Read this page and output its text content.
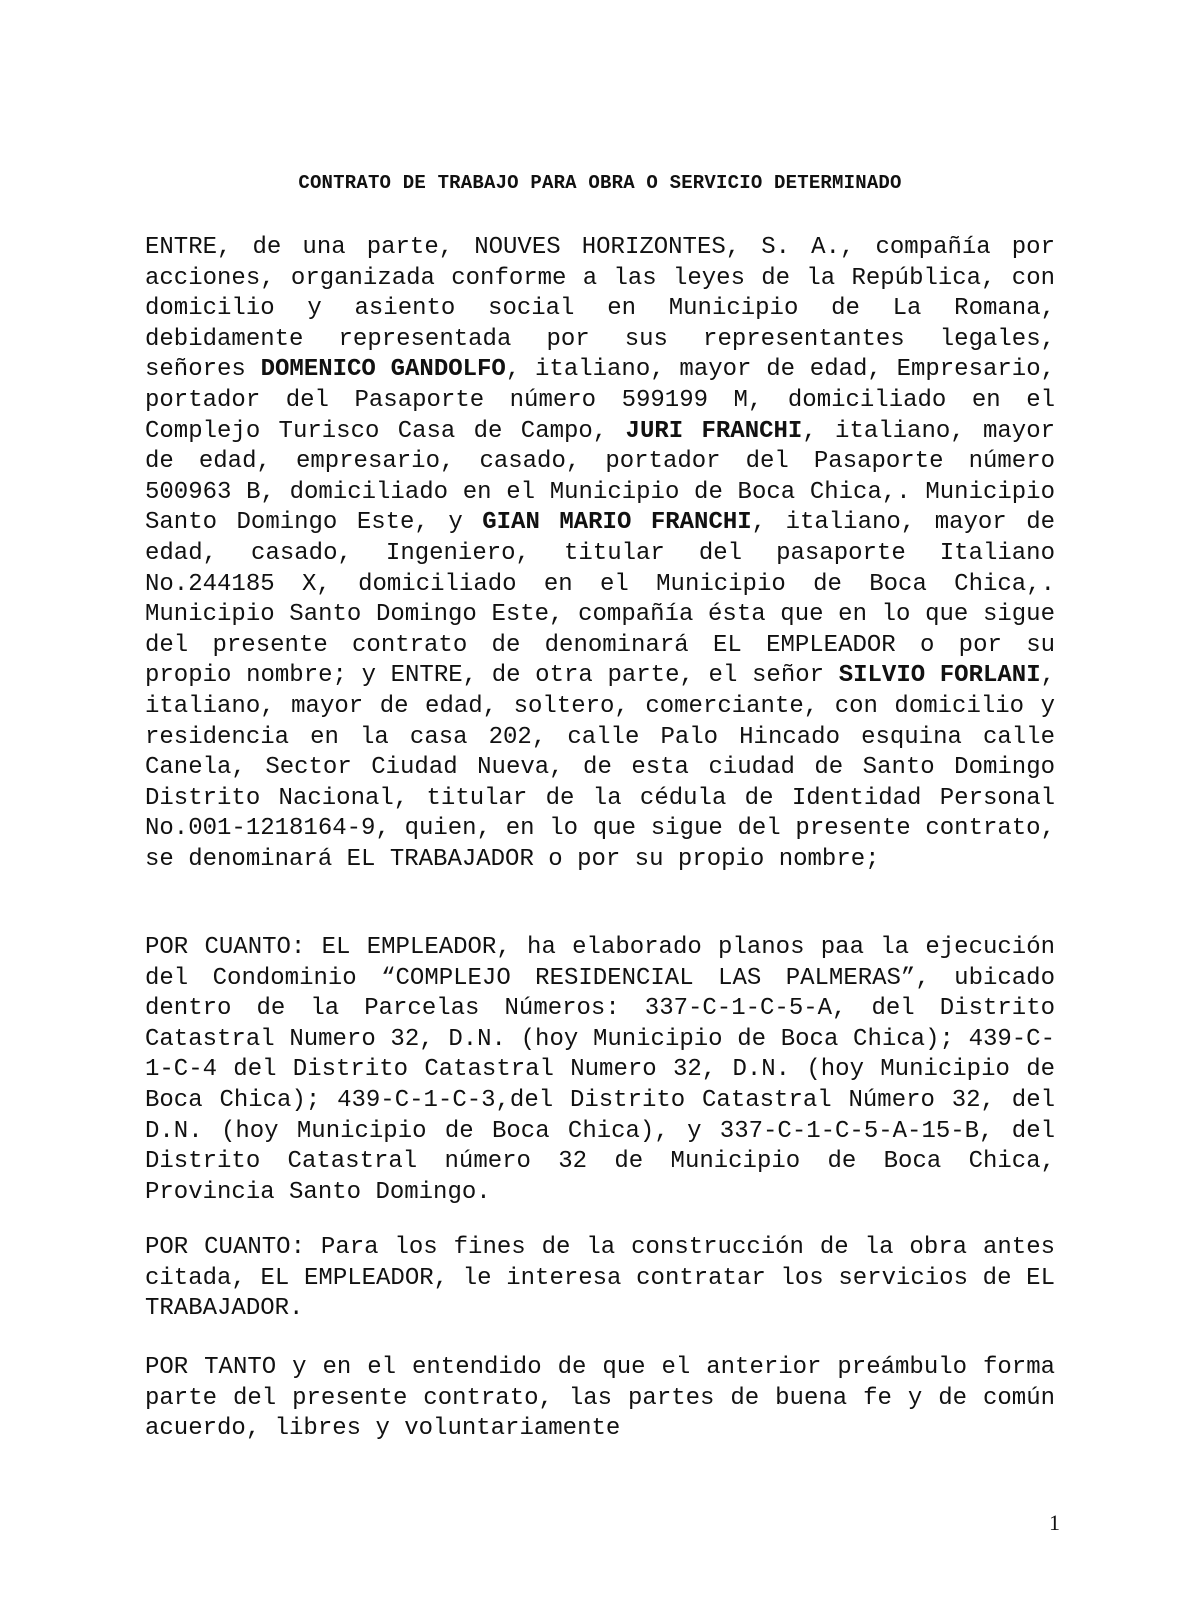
CONTRATO DE TRABAJO PARA OBRA O SERVICIO DETERMINADO

ENTRE, de una parte, NOUVES HORIZONTES, S. A., compañía por acciones, organizada conforme a las leyes de la República, con domicilio y asiento social en Municipio de La Romana, debidamente representada por sus representantes legales, señores DOMENICO GANDOLFO, italiano, mayor de edad, Empresario, portador del Pasaporte número 599199 M, domiciliado en el Complejo Turisco Casa de Campo, JURI FRANCHI, italiano, mayor de edad, empresario, casado, portador del Pasaporte número 500963 B, domiciliado en el Municipio de Boca Chica,. Municipio Santo Domingo Este, y GIAN MARIO FRANCHI, italiano, mayor de edad, casado, Ingeniero, titular del pasaporte Italiano No.244185 X, domiciliado en el Municipio de Boca Chica,. Municipio Santo Domingo Este, compañía ésta que en lo que sigue del presente contrato de denominará EL EMPLEADOR o por su propio nombre; y ENTRE, de otra parte, el señor SILVIO FORLANI, italiano, mayor de edad, soltero, comerciante, con domicilio y residencia en la casa 202, calle Palo Hincado esquina calle Canela, Sector Ciudad Nueva, de esta ciudad de Santo Domingo Distrito Nacional, titular de la cédula de Identidad Personal No.001-1218164-9, quien, en lo que sigue del presente contrato, se denominará EL TRABAJADOR o por su propio nombre;

POR CUANTO: EL EMPLEADOR, ha elaborado planos paa la ejecución del Condominio “COMPLEJO RESIDENCIAL LAS PALMERAS”, ubicado dentro de la Parcelas Números: 337-C-1-C-5-A, del Distrito Catastral Numero 32, D.N. (hoy Municipio de Boca Chica); 439-C-1-C-4 del Distrito Catastral Numero 32, D.N. (hoy Municipio de Boca Chica); 439-C-1-C-3,del Distrito Catastral Número 32, del D.N. (hoy Municipio de Boca Chica), y 337-C-1-C-5-A-15-B, del Distrito Catastral número 32 de Municipio de Boca Chica, Provincia Santo Domingo.

POR CUANTO: Para los fines de la construcción de la obra antes citada, EL EMPLEADOR, le interesa contratar los servicios de EL TRABAJADOR.

POR TANTO y en el entendido de que el anterior preámbulo forma parte del presente contrato, las partes de buena fe y de común acuerdo, libres y voluntariamente

1
